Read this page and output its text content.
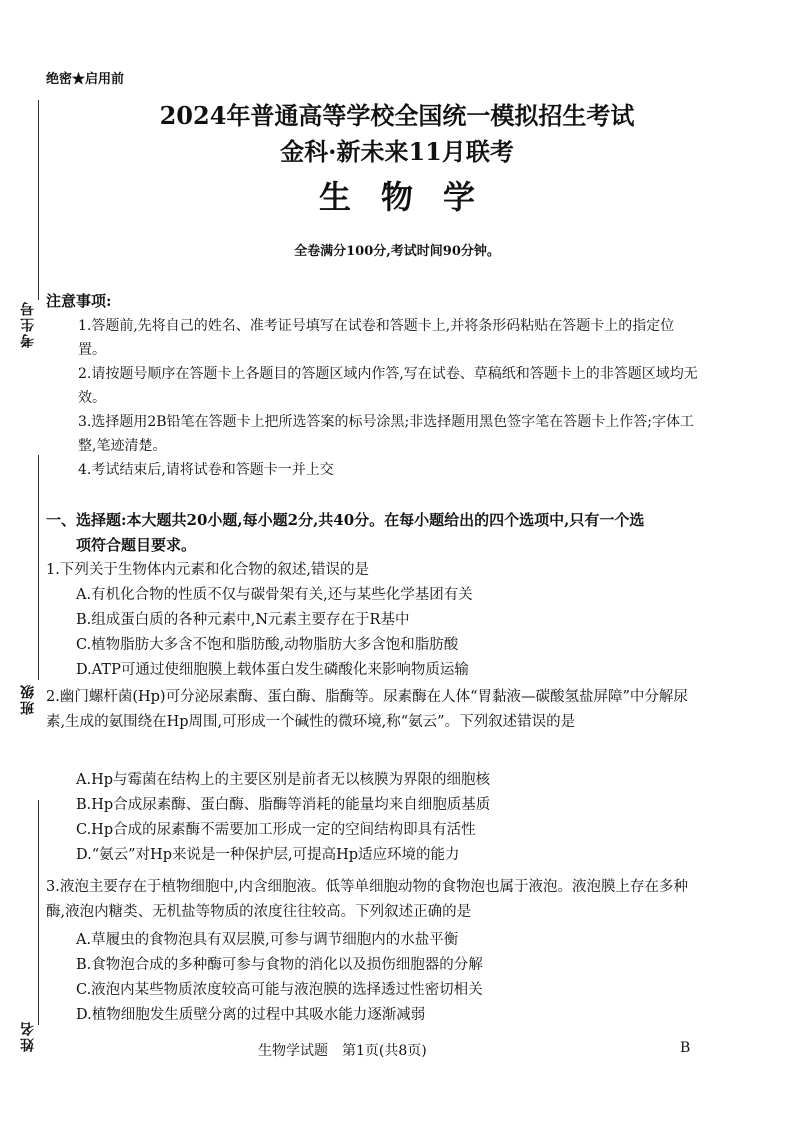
考生号
班级
姓名
绝密★启用前
2024年普通高等学校全国统一模拟招生考试
金科·新未来11月联考
生物学
全卷满分100分,考试时间90分钟。
注意事项:
1.答题前,先将自己的姓名、准考证号填写在试卷和答题卡上,并将条形码粘贴在答题卡上的指定位置。
2.请按题号顺序在答题卡上各题目的答题区域内作答,写在试卷、草稿纸和答题卡上的非答题区域均无效。
3.选择题用2B铅笔在答题卡上把所选答案的标号涂黑;非选择题用黑色签字笔在答题卡上作答;字体工整,笔迹清楚。
4.考试结束后,请将试卷和答题卡一并上交
一、选择题:本大题共20小题,每小题2分,共40分。在每小题给出的四个选项中,只有一个选
项符合题目要求。
1.下列关于生物体内元素和化合物的叙述,错误的是
A.有机化合物的性质不仅与碳骨架有关,还与某些化学基团有关
B.组成蛋白质的各种元素中,N元素主要存在于R基中
C.植物脂肪大多含不饱和脂肪酸,动物脂肪大多含饱和脂肪酸
D.ATP可通过使细胞膜上载体蛋白发生磷酸化来影响物质运输
2.幽门螺杆菌(Hp)可分泌尿素酶、蛋白酶、脂酶等。尿素酶在人体“胃黏液—碳酸氢盐屏障”中分解尿素,生成的氨围绕在Hp周围,可形成一个碱性的微环境,称“氨云”。下列叙述错误的是
A.Hp与霉菌在结构上的主要区别是前者无以核膜为界限的细胞核
B.Hp合成尿素酶、蛋白酶、脂酶等消耗的能量均来自细胞质基质
C.Hp合成的尿素酶不需要加工形成一定的空间结构即具有活性
D.“氨云”对Hp来说是一种保护层,可提高Hp适应环境的能力
3.液泡主要存在于植物细胞中,内含细胞液。低等单细胞动物的食物泡也属于液泡。液泡膜上存在多种酶,液泡内糖类、无机盐等物质的浓度往往较高。下列叙述正确的是
A.草履虫的食物泡具有双层膜,可参与调节细胞内的水盐平衡
B.食物泡合成的多种酶可参与食物的消化以及损伤细胞器的分解
C.液泡内某些物质浓度较高可能与液泡膜的选择透过性密切相关
D.植物细胞发生质壁分离的过程中其吸水能力逐渐减弱
生物学试题　第1页(共8页)	B
